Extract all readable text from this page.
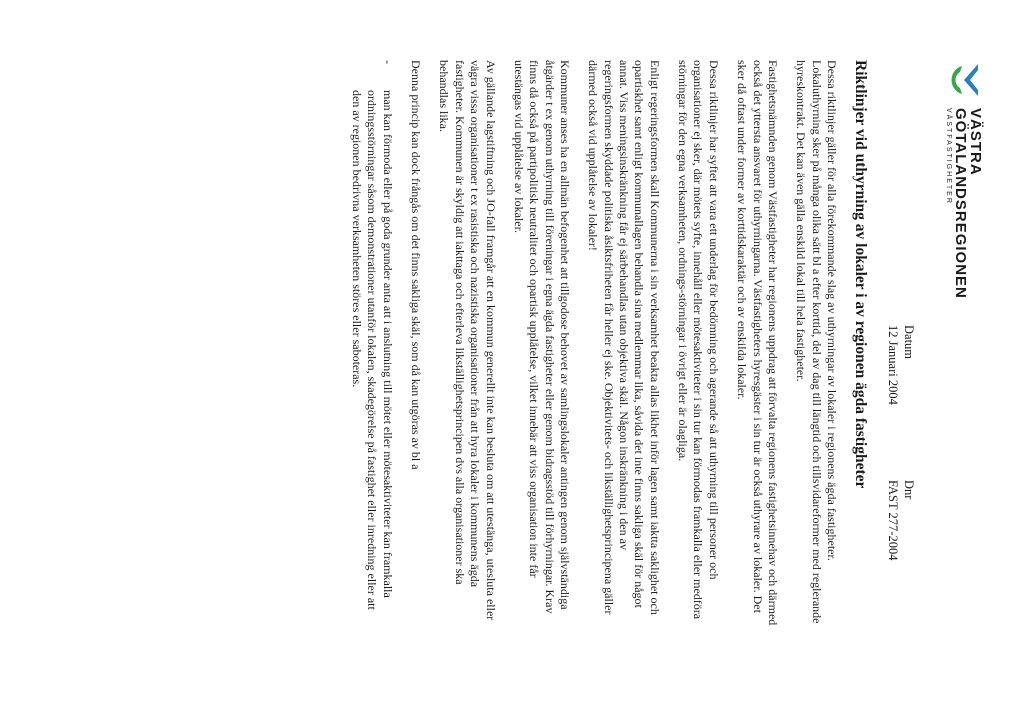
VÄSTRA
GÖTALANDSREGIONEN
VÄSTFASTIGHETER
Datum
12 Januari 2004
Dnr
FAST 277-2004
Riktlinjer vid uthyrning av lokaler i av regionen ägda fastigheter

Dessa riktlinjer gäller för alla förekommande slag av uthyrningar av lokaler i regionens ägda fastigheter. Lokaluthyrning sker på många olika sätt bl a efter korttid, del av dag till längtid och tillsvidareformer med reglerande hyreskontrakt. Det kan även gälla enskild lokal till hela fastigheter.

Fastighetsnämnden genom Västfastigheter har regionens uppdrag att förvalta regionens fastighetsinnehav och därmed också det yttersta ansvaret för uthyrningarna. Västfastigheters hyresgäster i sin tur är också uthyrare av lokaler. Det sker då oftast under former av korttidskaraktär och av enskilda lokaler.

Dessa riktlinjer har syftet att vara ett underlag för bedömning och agerande så att uthyrning till personer och organisationer ej sker, där mötets syfte, innehåll eller mötesaktiviteter i sin tur kan förmodas framkalla eller medföra störningar för den egna verksamheten, ordnings-störningar i övrigt eller är olagliga.

Enligt regeringsformen skall Kommunerna i sin verksamhet beakta allas likhet inför lagen samt iaktta saklighet och opartiskhet samt enligt kommunallagen behandla sina medlemmar lika, såvida det inte finns sakliga skäl för något annat. Viss meningsinskränkning får ej särbehandlas utan objektiva skäl. Någon inskränkning i den av regeringsformen skyddade politiska åsiktsfriheten får heller ej ske. Objektivitets- och likställighetsprincipena gäller därmed också vid upplåtelse av lokaler!

Kommuner anses ha en allmän befogenhet att tillgodose behovet av samlingslokaler antingen genom självständiga åtgärder t ex genom uthyrning till föreningar i egna ägda fastigheter eller genom bidragsstöd till förhyrningar. Krav finns då också på partipolitisk neutralitet och opartisk upplåtelse, vilket innebär att viss organisation inte får utestängas vid upplåtelse av lokaler.

Av gällande lagstiftning och JO-fall framgår att en kommun generellt inte kan besluta om att utestänga, utesluta eller vägra vissa organisationer t ex rasistiska och nazistiska organisationer från att hyra lokaler i kommunens ägda fastigheter. Kommunen är skyldig att iakttaga och efterleva likställighetsprincipen dvs alla organisationer ska behandlas lika.

Denna princip kan dock frångås om det finns sakliga skäl, som då kan utgöras av bl a

-
man kan förmoda eller på goda grunder anta att i anslutning till mötet eller mötesaktiviteter kan framkalla ordningsstörningar såsom demonstrationer utanför lokalen, skadegörelse på fastighet eller inredning eller att den av regionen bedrivna verksamheten störes eller saboteras.
